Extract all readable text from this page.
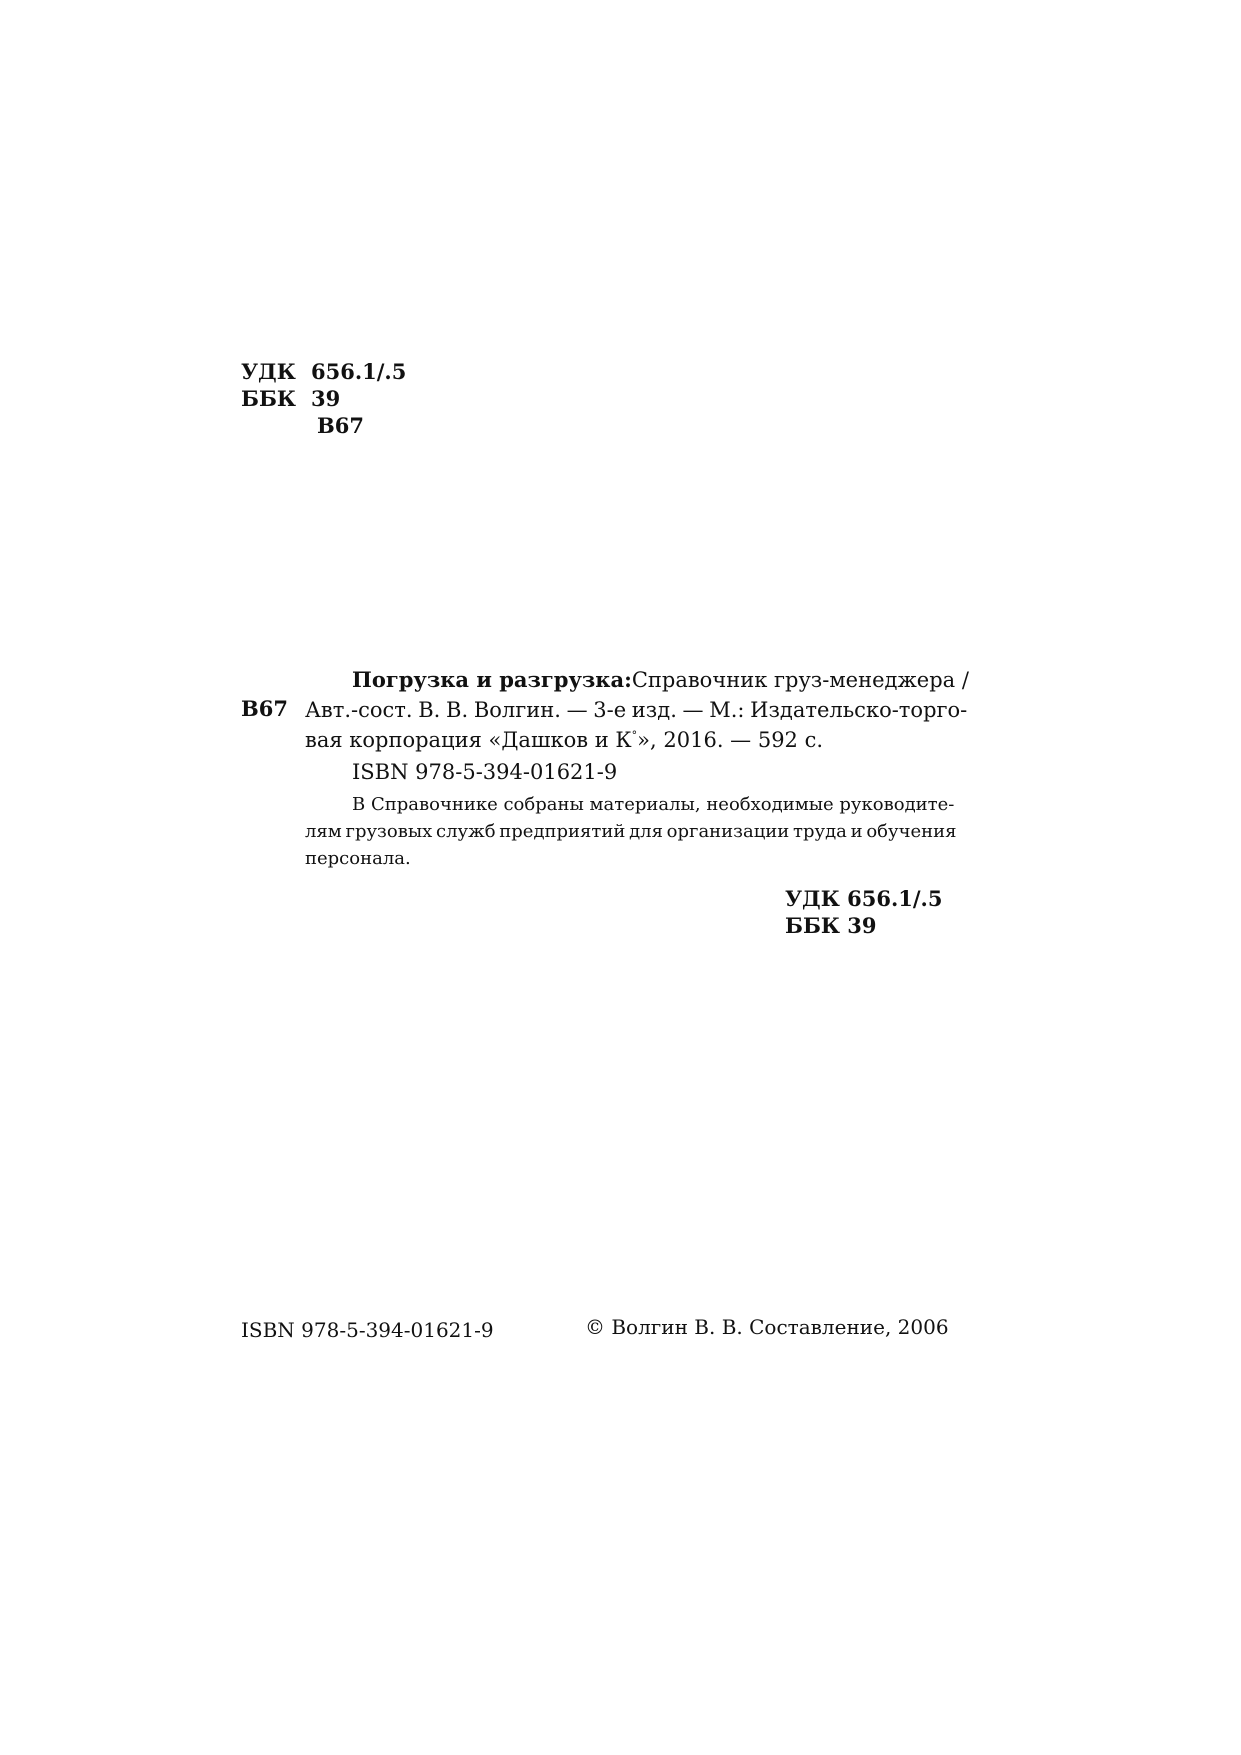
УДК 656.1/.5
ББК 39
В67
В67
Погрузка и разгрузка: Справочник груз-менеджера /
Авт.-сост. В. В. Волгин. — 3-е изд. — М.: Издательско-торго-
вая корпорация «Дашков и К°», 2016. — 592 с.
ISBN 978-5-394-01621-9
В Справочнике собраны материалы, необходимые руководите-
лям грузовых служб предприятий для организации труда и обучения
персонала.
УДК 656.1/.5
ББК 39
ISBN 978-5-394-01621-9	© Волгин В. В. Составление, 2006
